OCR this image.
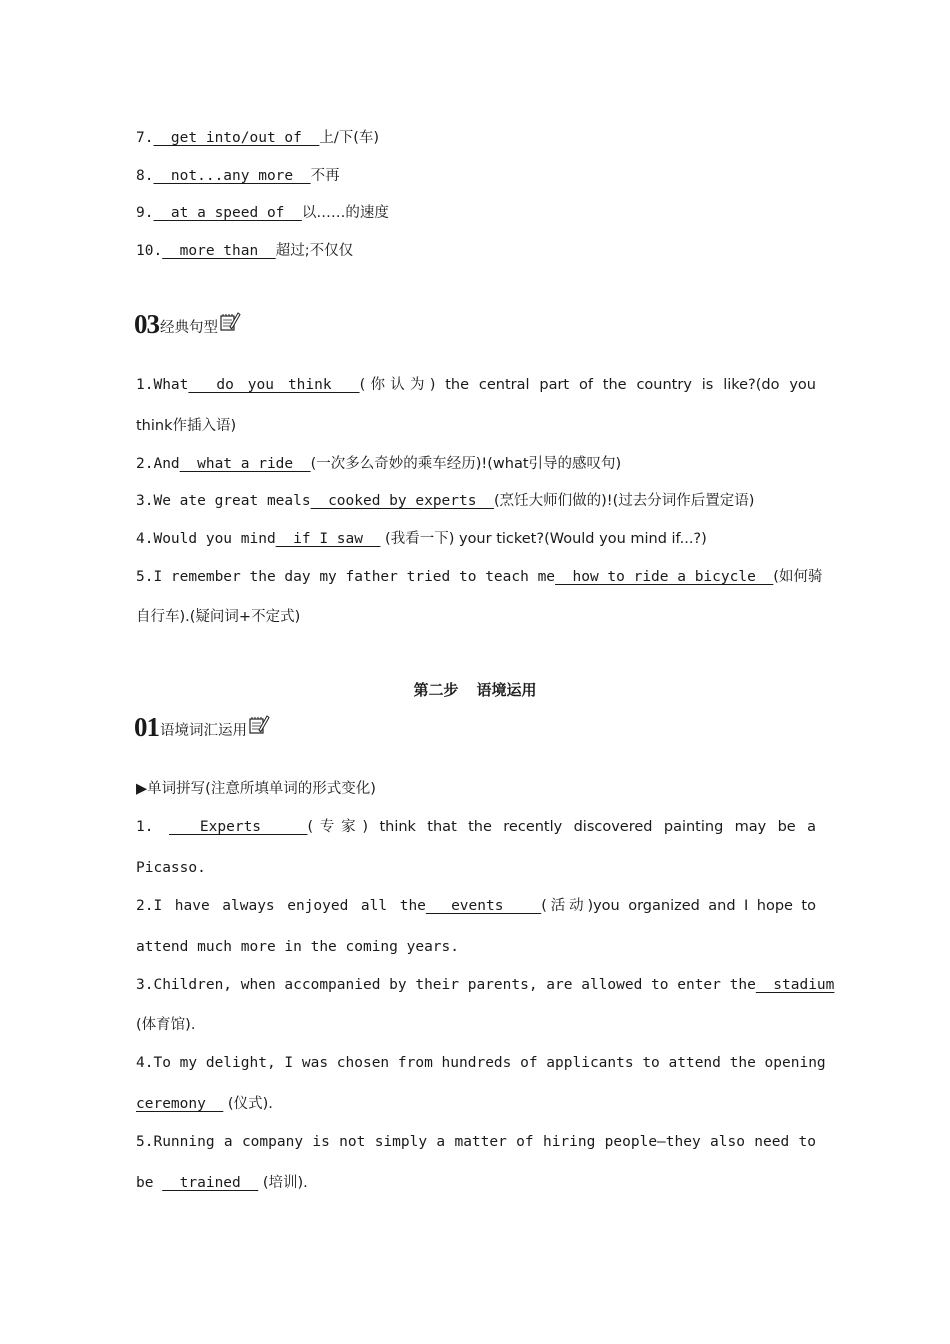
7.  get into/out of  上/下(车)
8.  not...any more  不再
9.  at a speed of  以……的速度
10.  more than  超过;不仅仅
03 经典句型
1.What  do you think  (你认为) the central part of the country is like?(do you
think作插入语)
2.And  what a ride  (一次多么奇妙的乘车经历)!(what引导的感叹句)
3.We ate great meals  cooked by experts  (烹饪大师们做的)!(过去分词作后置定语)
4.Would you mind  if I saw   (我看一下) your ticket?(Would you mind if...?)
5.I remember the day my father tried to teach me  how to ride a bicycle  (如何骑
自行车).(疑问词+不定式)
第二步 语境运用
01 语境词汇运用
▶单词拼写(注意所填单词的形式变化)
1.   Experts   (专家) think that the recently discovered painting may be a
Picasso.
2.I have always enjoyed all the  events   (活动)you organized and I hope to
attend much more in the coming years.
3.Children, when accompanied by their parents, are allowed to enter the  stadium
(体育馆).
4.To my delight, I was chosen from hundreds of applicants to attend the opening
ceremony   (仪式).
5.Running a company is not simply a matter of hiring people—they also need to
be   trained   (培训).
